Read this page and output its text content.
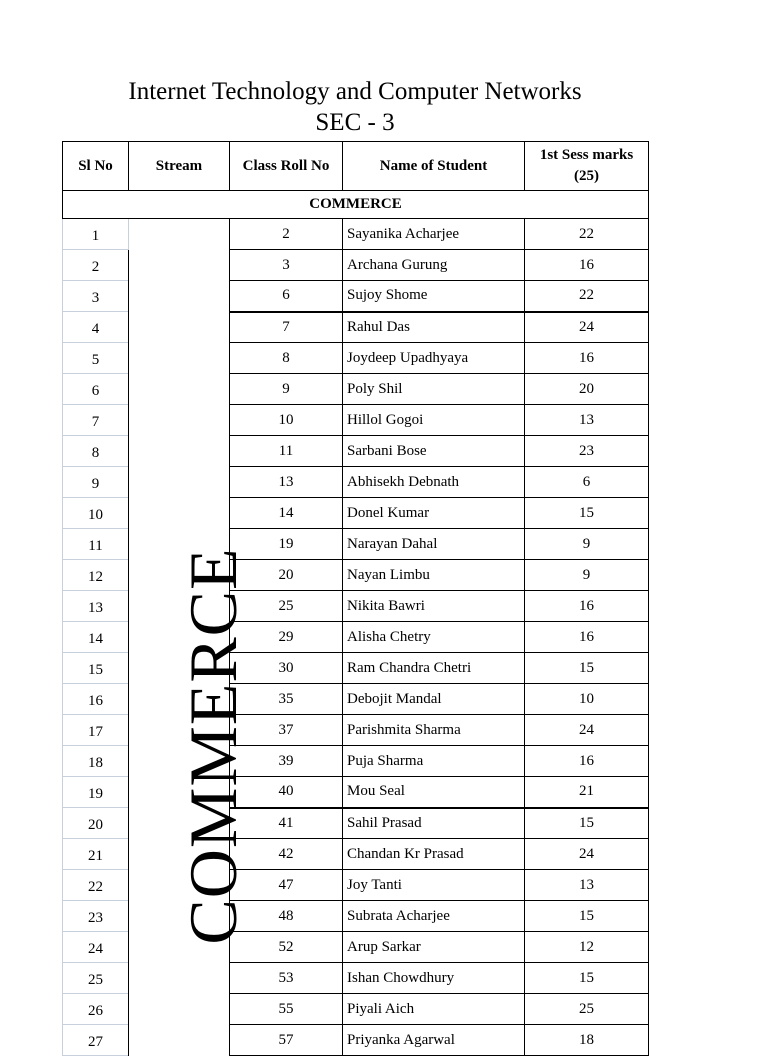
Internet Technology and Computer Networks
SEC - 3
Sl No	Stream	Class Roll No	Name of Student	1st Sess marks
(25)
COMMERCE				
1	COMMERCE	2	Sayanika Acharjee	22
2		3	Archana Gurung	16
3		6	Sujoy Shome	22
4		7	Rahul Das	24
5		8	Joydeep Upadhyaya	16
6		9	Poly Shil	20
7		10	Hillol Gogoi	13
8		11	Sarbani Bose	23
9		13	Abhisekh Debnath	6
10		14	Donel Kumar	15
11		19	Narayan Dahal	9
12		20	Nayan Limbu	9
13		25	Nikita Bawri	16
14		29	Alisha Chetry	16
15		30	Ram Chandra Chetri	15
16		35	Debojit Mandal	10
17		37	Parishmita Sharma	24
18		39	Puja Sharma	16
19		40	Mou Seal	21
20		41	Sahil Prasad	15
21		42	Chandan Kr Prasad	24
22		47	Joy Tanti	13
23		48	Subrata Acharjee	15
24		52	Arup Sarkar	12
25		53	Ishan Chowdhury	15
26		55	Piyali Aich	25
27		57	Priyanka Agarwal	18
